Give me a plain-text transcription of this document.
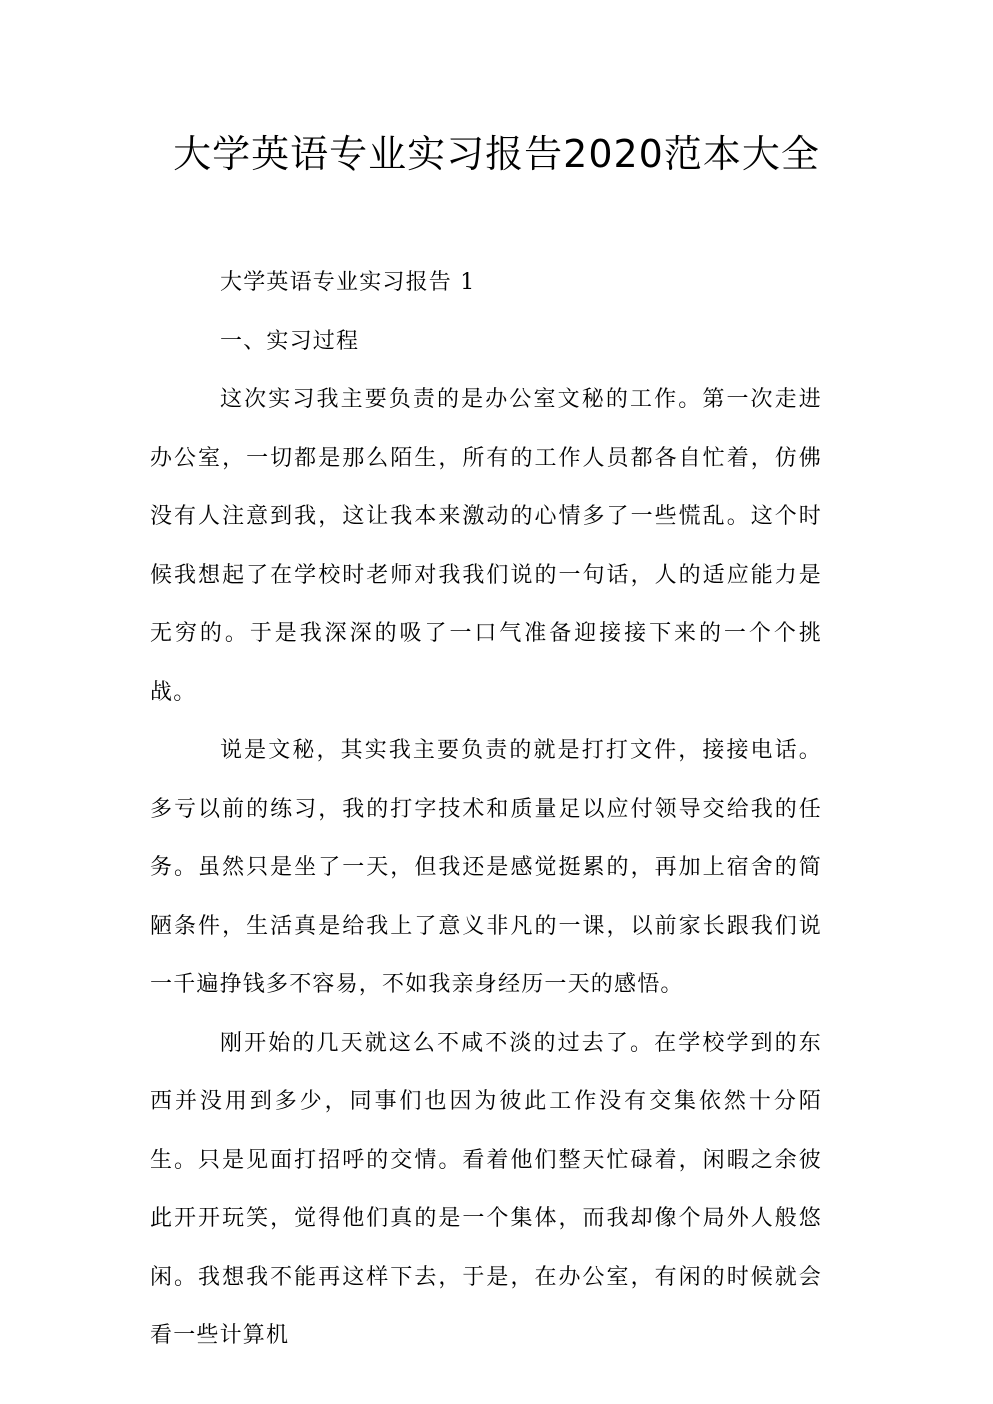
大学英语专业实习报告2020范本大全

大学英语专业实习报告 1

一、实习过程

这次实习我主要负责的是办公室文秘的工作。第一次走进办公室，一切都是那么陌生，所有的工作人员都各自忙着，仿佛没有人注意到我，这让我本来激动的心情多了一些慌乱。这个时候我想起了在学校时老师对我我们说的一句话，人的适应能力是无穷的。于是我深深的吸了一口气准备迎接接下来的一个个挑战。

说是文秘，其实我主要负责的就是打打文件，接接电话。多亏以前的练习，我的打字技术和质量足以应付领导交给我的任务。虽然只是坐了一天，但我还是感觉挺累的，再加上宿舍的简陋条件，生活真是给我上了意义非凡的一课，以前家长跟我们说一千遍挣钱多不容易，不如我亲身经历一天的感悟。

刚开始的几天就这么不咸不淡的过去了。在学校学到的东西并没用到多少，同事们也因为彼此工作没有交集依然十分陌生。只是见面打招呼的交情。看着他们整天忙碌着，闲暇之余彼此开开玩笑，觉得他们真的是一个集体，而我却像个局外人般悠闲。我想我不能再这样下去，于是，在办公室，有闲的时候就会看一些计算机
